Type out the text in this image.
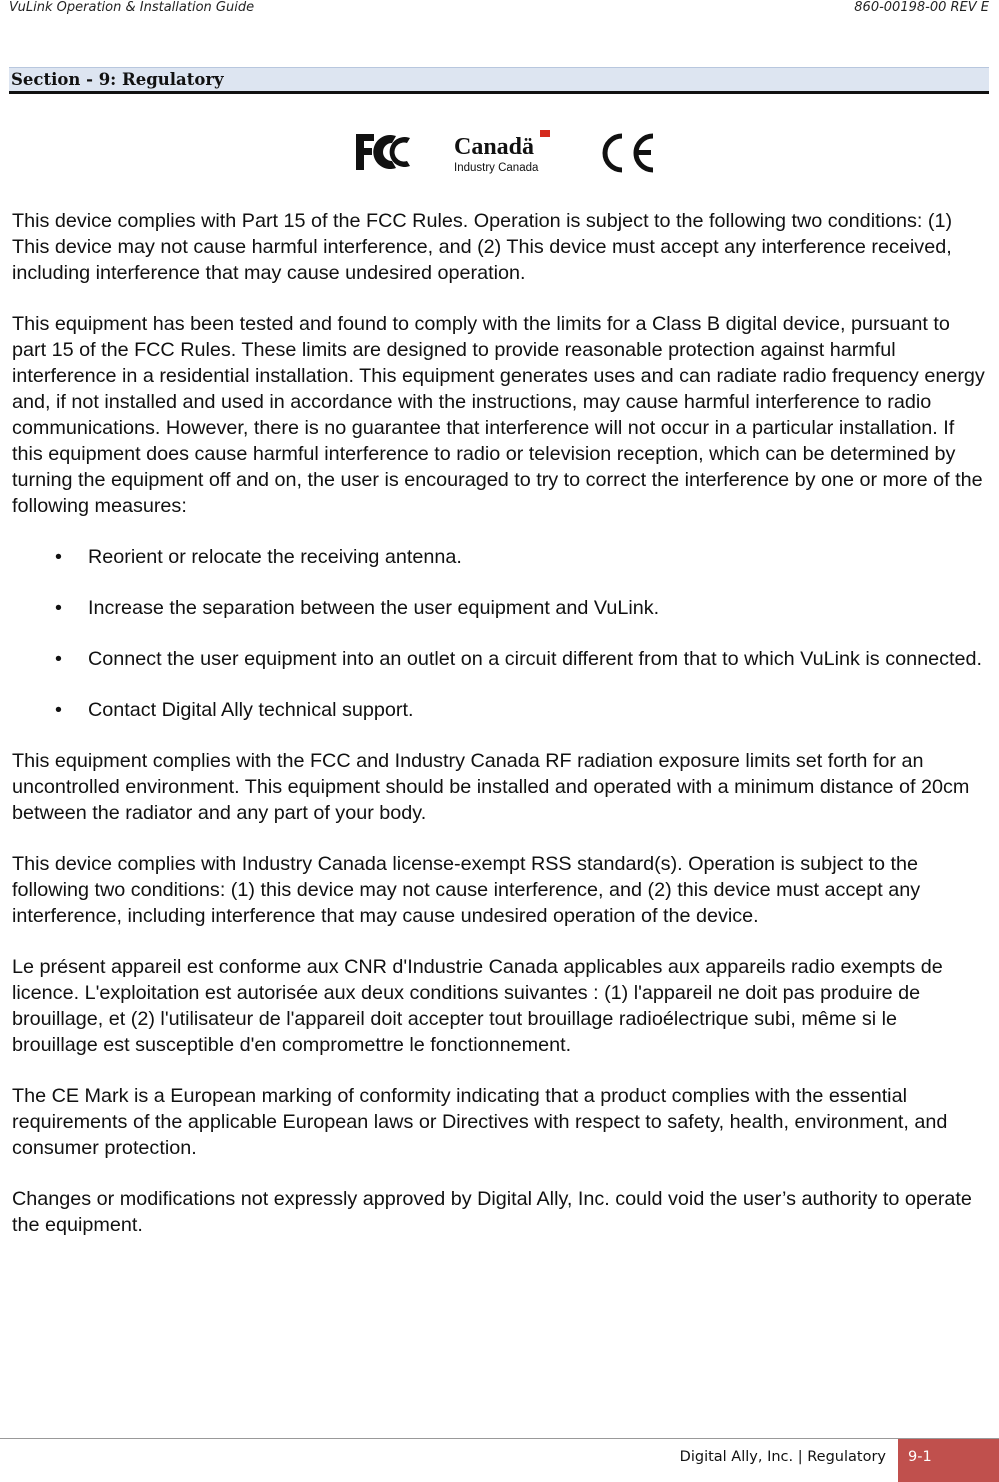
VuLink Operation & Installation Guide	860-00198-00 REV E
Section - 9: Regulatory
Canadä
Industry Canada

This device complies with Part 15 of the FCC Rules. Operation is subject to the following two conditions: (1) This device may not cause harmful interference, and (2) This device must accept any interference received, including interference that may cause undesired operation.

This equipment has been tested and found to comply with the limits for a Class B digital device, pursuant to part 15 of the FCC Rules. These limits are designed to provide reasonable protection against harmful interference in a residential installation. This equipment generates uses and can radiate radio frequency energy and, if not installed and used in accordance with the instructions, may cause harmful interference to radio communications. However, there is no guarantee that interference will not occur in a particular installation. If this equipment does cause harmful interference to radio or television reception, which can be determined by turning the equipment off and on, the user is encouraged to try to correct the interference by one or more of the following measures:

• Reorient or relocate the receiving antenna.
• Increase the separation between the user equipment and VuLink.
• Connect the user equipment into an outlet on a circuit different from that to which VuLink is connected.
• Contact Digital Ally technical support.

This equipment complies with the FCC and Industry Canada RF radiation exposure limits set forth for an uncontrolled environment. This equipment should be installed and operated with a minimum distance of 20cm between the radiator and any part of your body.

This device complies with Industry Canada license-exempt RSS standard(s). Operation is subject to the following two conditions: (1) this device may not cause interference, and (2) this device must accept any interference, including interference that may cause undesired operation of the device.

Le présent appareil est conforme aux CNR d'Industrie Canada applicables aux appareils radio exempts de licence. L'exploitation est autorisée aux deux conditions suivantes : (1) l'appareil ne doit pas produire de brouillage, et (2) l'utilisateur de l'appareil doit accepter tout brouillage radioélectrique subi, même si le brouillage est susceptible d'en compromettre le fonctionnement.

The CE Mark is a European marking of conformity indicating that a product complies with the essential requirements of the applicable European laws or Directives with respect to safety, health, environment, and consumer protection.

Changes or modifications not expressly approved by Digital Ally, Inc. could void the user’s authority to operate the equipment.

Digital Ally, Inc. | Regulatory 9-1
